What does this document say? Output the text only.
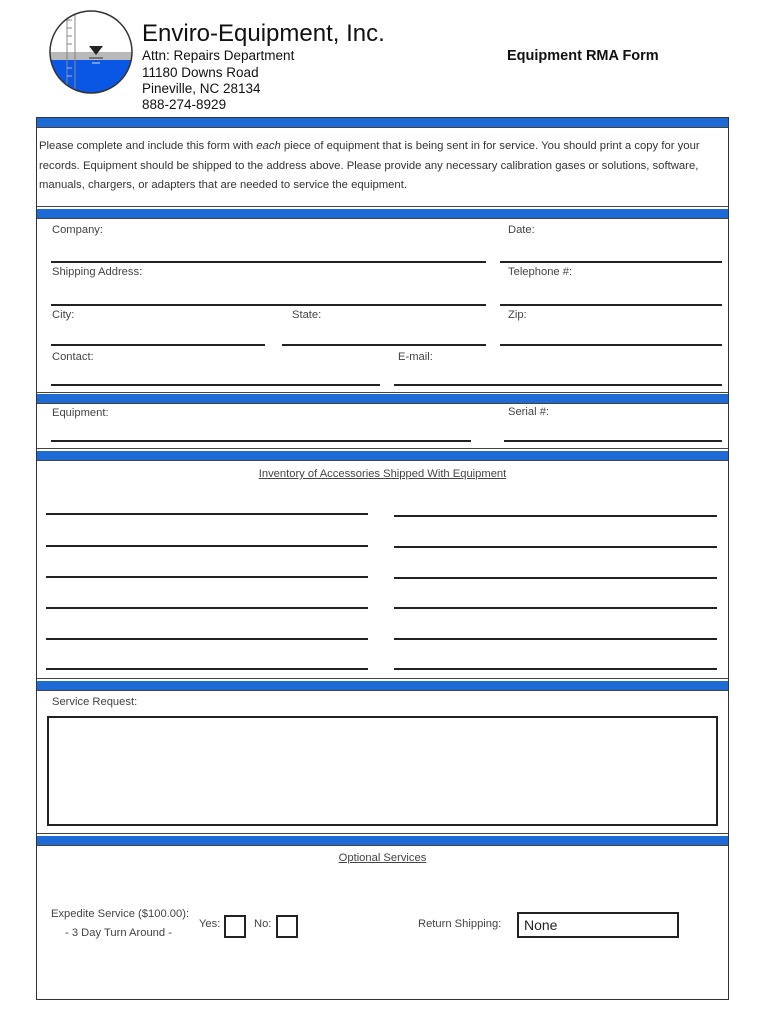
Enviro-Equipment, Inc.
Attn: Repairs Department
11180 Downs Road
Pineville, NC 28134
888-274-8929
Equipment RMA Form
Please complete and include this form with each piece of equipment that is being sent in for service. You should print a copy for your
records. Equipment should be shipped to the address above. Please provide any necessary calibration gases or solutions, software,
manuals, chargers, or adapters that are needed to service the equipment.
Company:	Date:
Shipping Address:	Telephone #:
City:	State:	Zip:
Contact:	E-mail:
Equipment:	Serial #:
Inventory of Accessories Shipped With Equipment
Service Request:
Optional Services
Expedite Service ($100.00):
- 3 Day Turn Around -
Yes:	No:	Return Shipping:	None
